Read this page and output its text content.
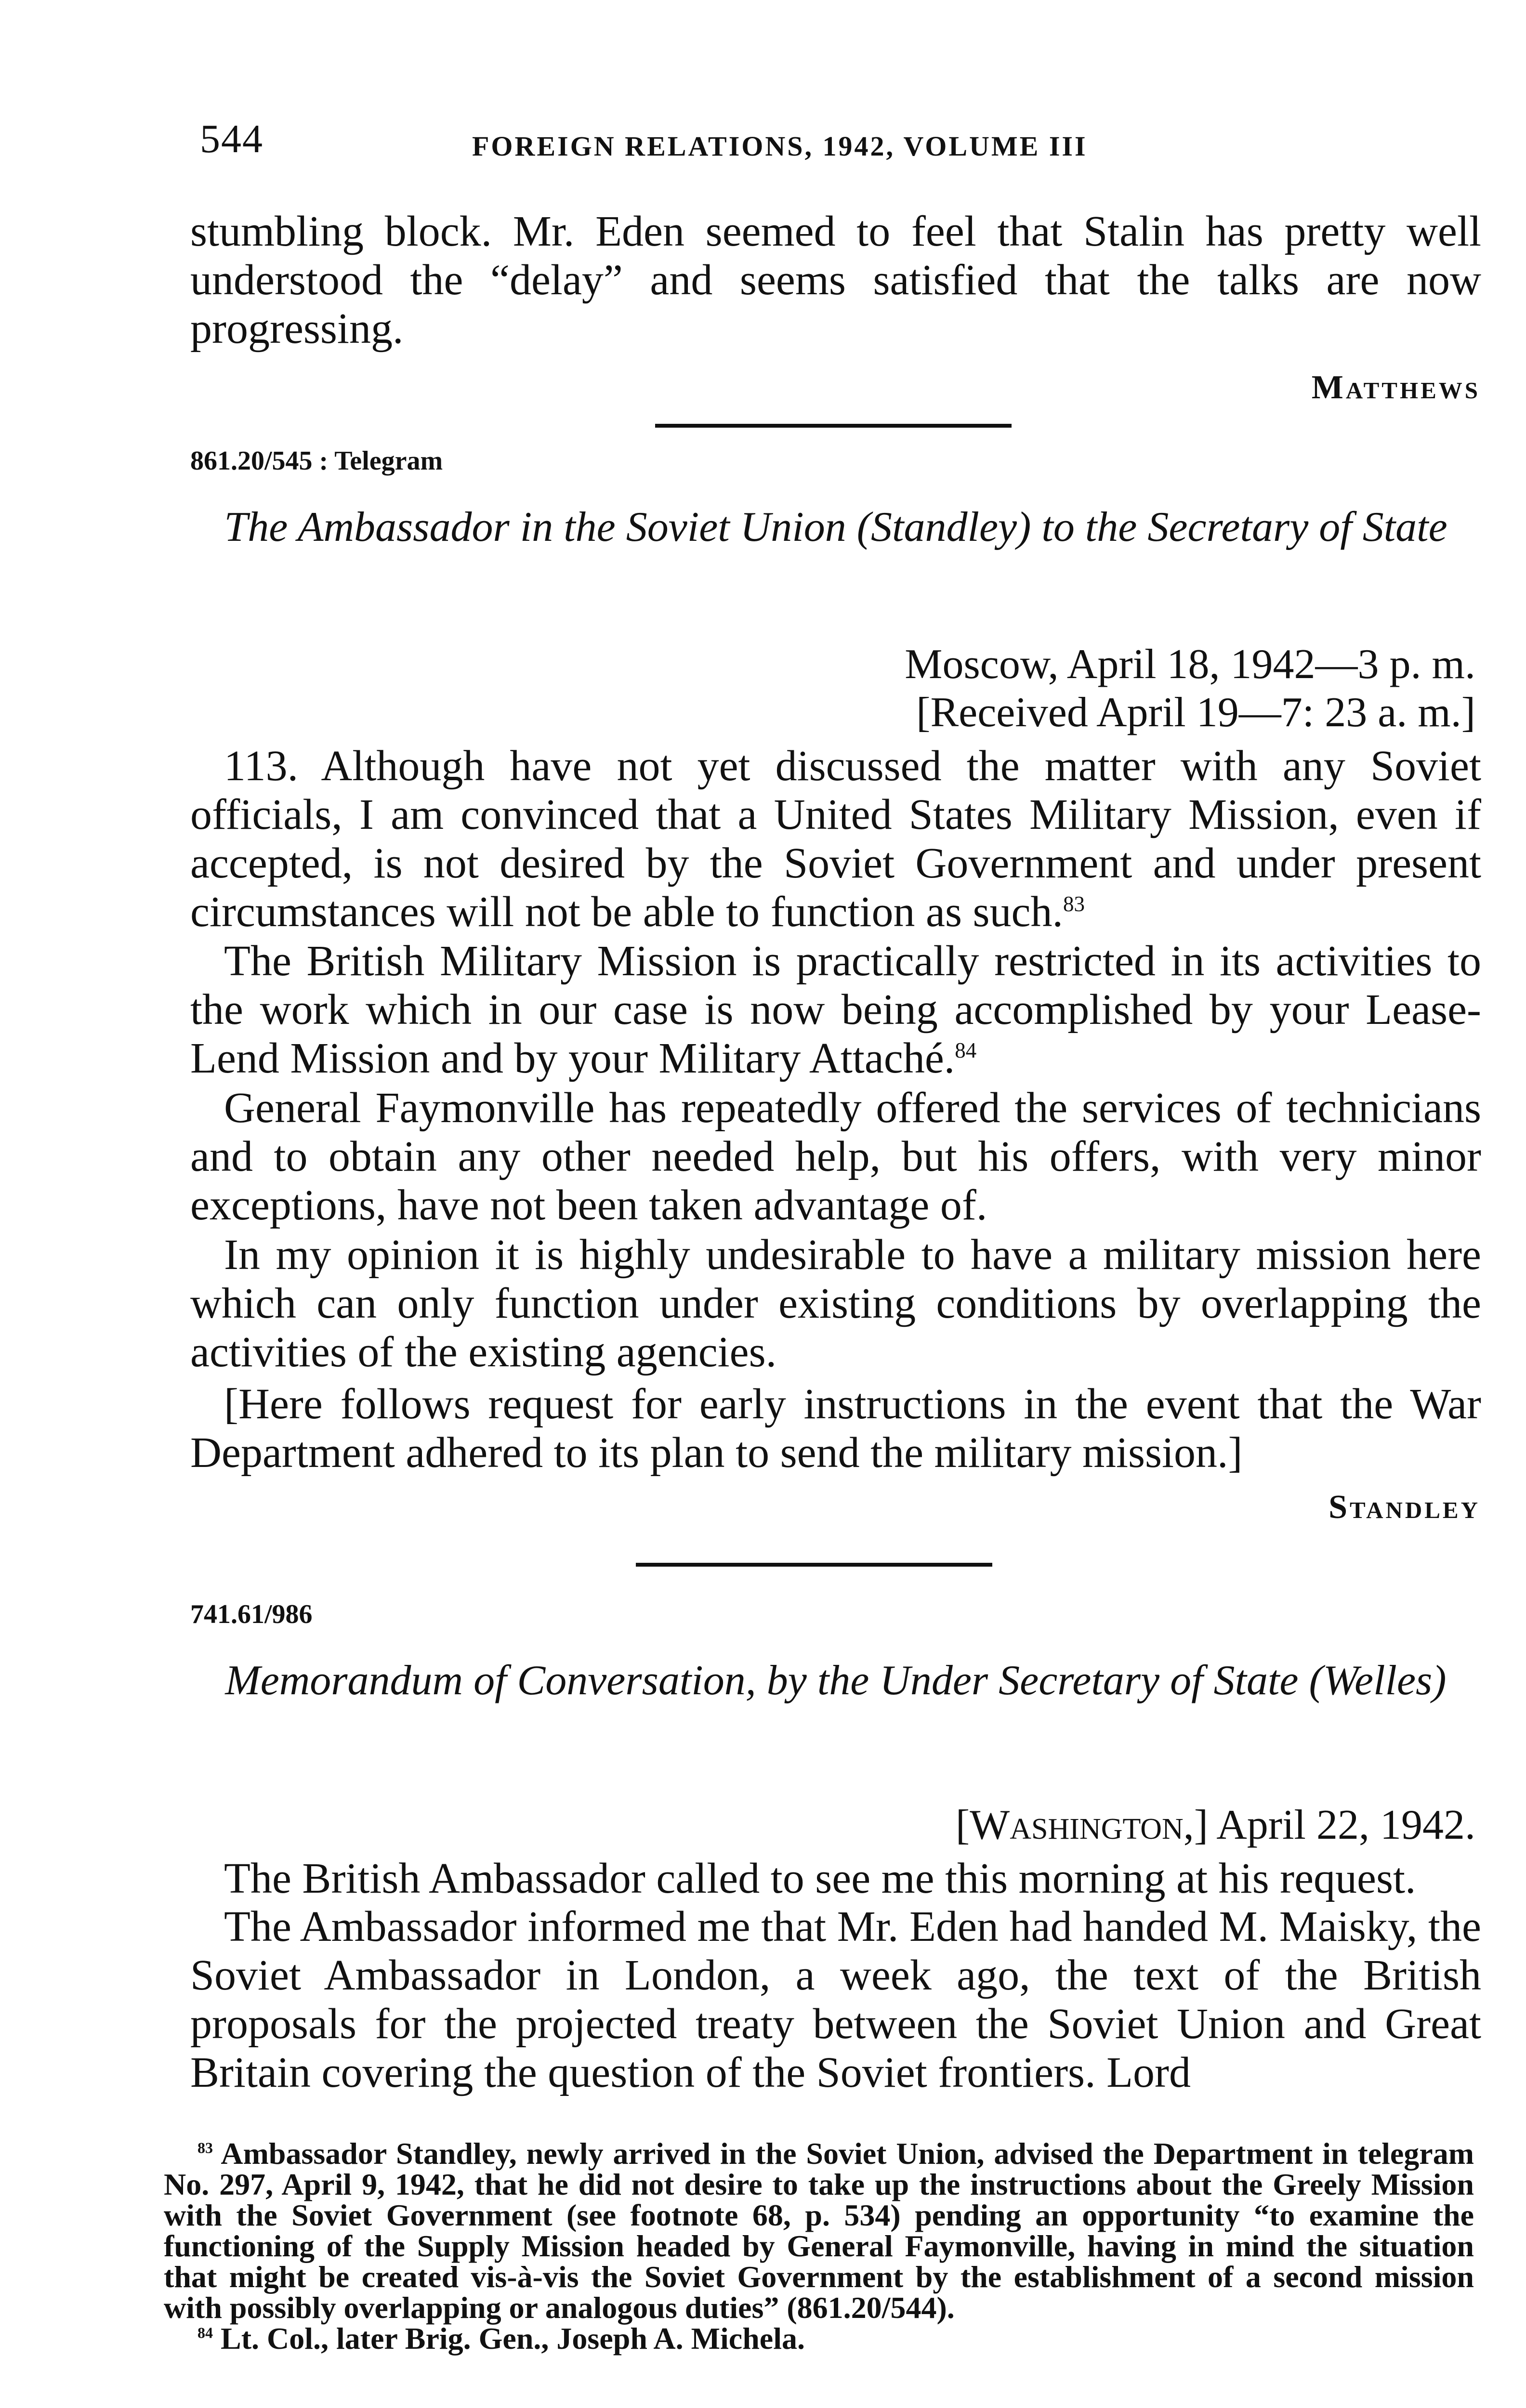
544	FOREIGN RELATIONS, 1942, VOLUME III

stumbling block. Mr. Eden seemed to feel that Stalin has pretty well understood the “delay” and seems satisfied that the talks are now progressing.

Matthews

861.20/545 : Telegram

The Ambassador in the Soviet Union (Standley) to the Secretary of State

Moscow, April 18, 1942—3 p. m.

[Received April 19—7: 23 a. m.]

113. Although have not yet discussed the matter with any Soviet officials, I am convinced that a United States Military Mission, even if accepted, is not desired by the Soviet Government and under present circumstances will not be able to function as such.$^{83}$

The British Military Mission is practically restricted in its activities to the work which in our case is now being accomplished by your Lease-Lend Mission and by your Military Attaché.$^{84}$

General Faymonville has repeatedly offered the services of technicians and to obtain any other needed help, but his offers, with very minor exceptions, have not been taken advantage of.

In my opinion it is highly undesirable to have a military mission here which can only function under existing conditions by overlapping the activities of the existing agencies.

[Here follows request for early instructions in the event that the War Department adhered to its plan to send the military mission.]

Standley

741.61/986

Memorandum of Conversation, by the Under Secretary of State (Welles)

[Washington,] April 22, 1942.

The British Ambassador called to see me this morning at his request.

The Ambassador informed me that Mr. Eden had handed M. Maisky, the Soviet Ambassador in London, a week ago, the text of the British proposals for the projected treaty between the Soviet Union and Great Britain covering the question of the Soviet frontiers. Lord

$^{83}$ Ambassador Standley, newly arrived in the Soviet Union, advised the Department in telegram No. 297, April 9, 1942, that he did not desire to take up the instructions about the Greely Mission with the Soviet Government (see footnote 68, p. 534) pending an opportunity “to examine the functioning of the Supply Mission headed by General Faymonville, having in mind the situation that might be created vis-à-vis the Soviet Government by the establishment of a second mission with possibly overlapping or analogous duties” (861.20/544).

$^{84}$ Lt. Col., later Brig. Gen., Joseph A. Michela.
